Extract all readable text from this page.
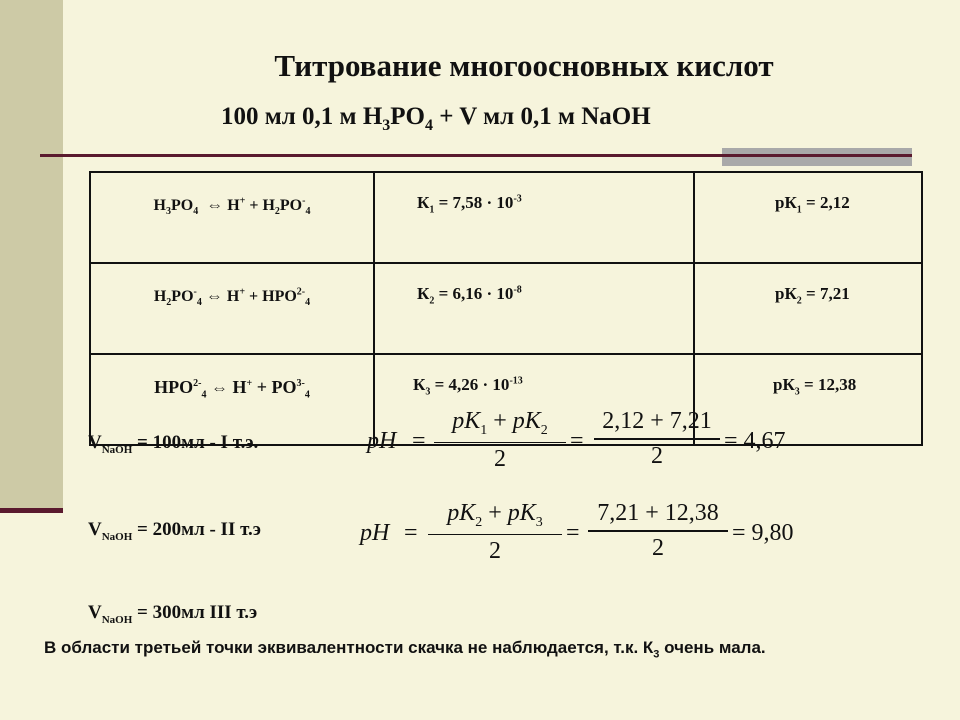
Титрование многоосновных кислот
100 мл 0,1 м $H_3PO_4 + V$ мл 0,1 м NaOH
$H_3PO_4$ ⇔ $H^+ + H_2PO^-_4$	$К_1 = 7,58 \cdot 10^{-3}$	$рК_1 = 2,12$
$H_2PO^-_4$ ⇔ $H^+ + HPO^{2-}_4$	$К_2 = 6,16 \cdot 10^{-8}$	$рК_2 = 7,21$
$HPO^{2-}_4$ ⇔ $H^+ + PO^{3-}_4$	$К_3 = 4,26 \cdot 10^{-13}$	$рК_3 = 12,38$
$V_{NaOH} = 100мл - I$ т.э.
$V_{NaOH} = 200мл$ - II т.э
$V_{NaOH} = 300мл$ III т.э
pH =
$pK_1 + pK_2$
2
=
2,12 + 7,21
2
= 4,67
pH =
$pK_2 + pK_3$
2
=
7,21 + 12,38
2
= 9,80
В области третьей точки эквивалентности скачка не наблюдается, т.к. $К_3$ очень мала.
